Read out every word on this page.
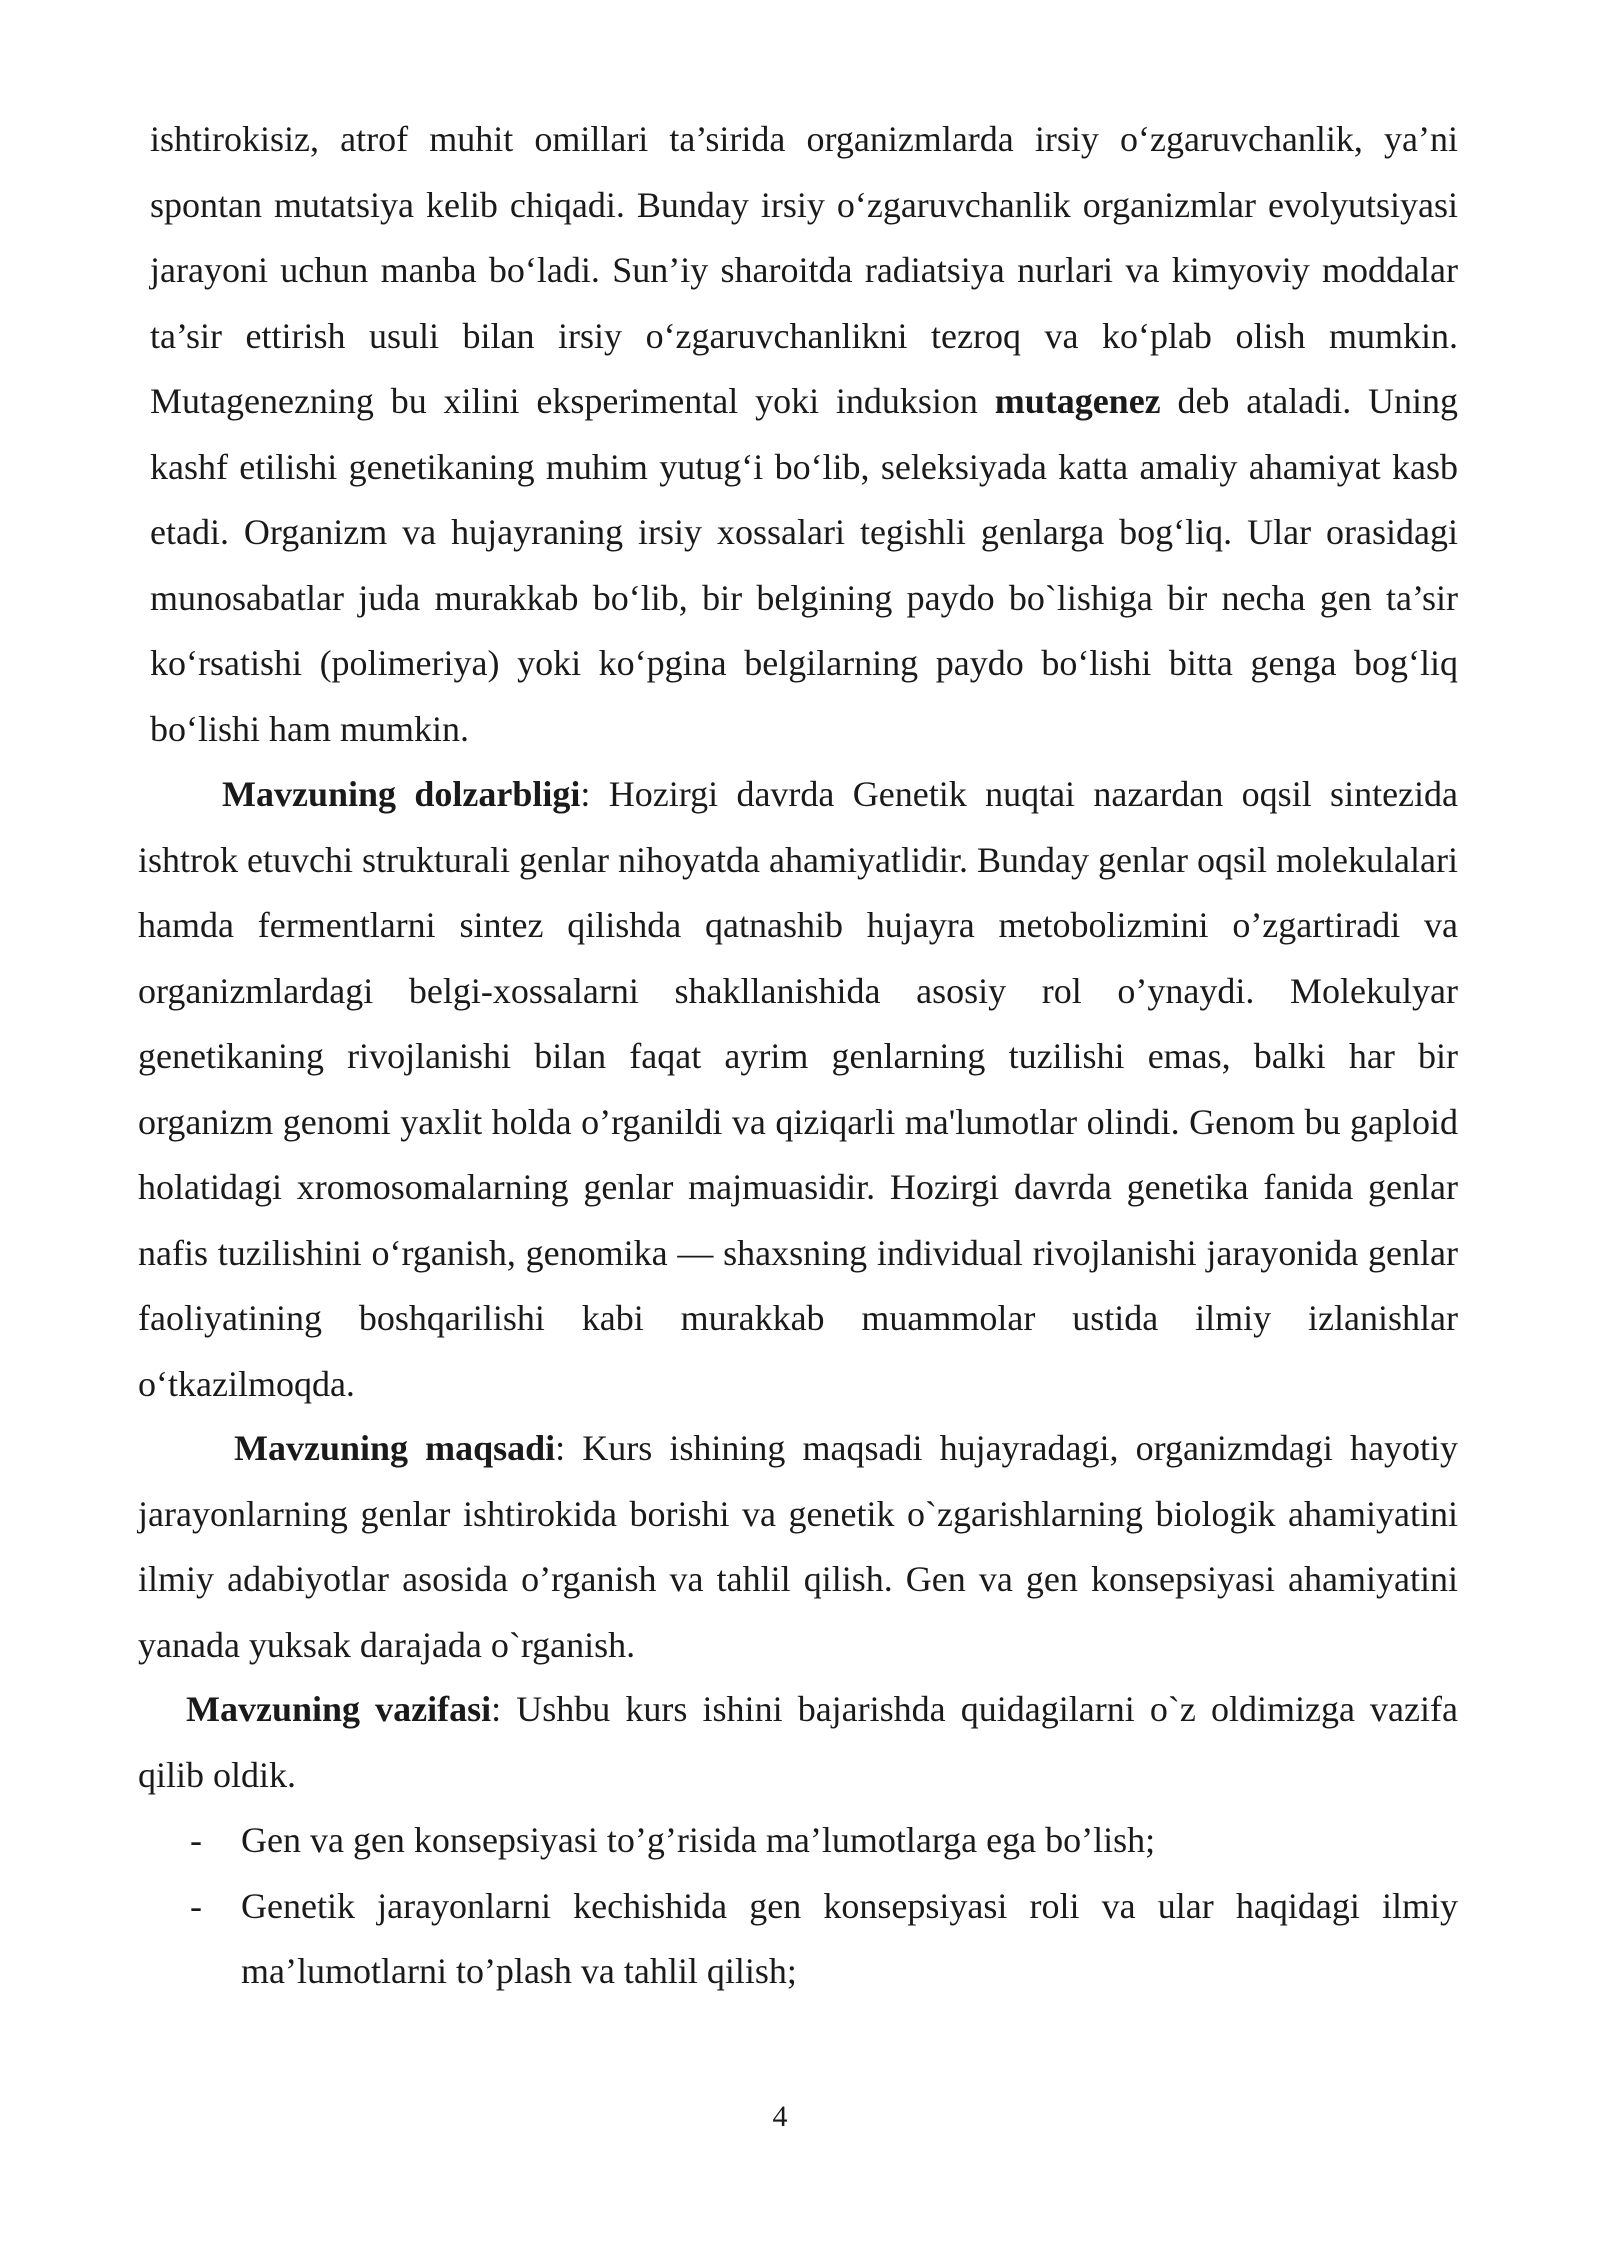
ishtirokisiz, atrof muhit omillari ta’sirida organizmlarda irsiy o‘zgaruvchanlik, ya’ni spontan mutatsiya kelib chiqadi. Bunday irsiy o‘zgaruvchanlik organizmlar evolyutsiyasi jarayoni uchun manba bo‘ladi. Sun’iy sharoitda radiatsiya nurlari va kimyoviy moddalar ta’sir ettirish usuli bilan irsiy o‘zgaruvchanlikni tezroq va ko‘plab olish mumkin. Mutagenezning bu xilini eksperimental yoki induksion mutagenez deb ataladi. Uning kashf etilishi genetikaning muhim yutug‘i bo‘lib, seleksiyada katta amaliy ahamiyat kasb etadi. Organizm va hujayraning irsiy xossalari tegishli genlarga bog‘liq. Ular orasidagi munosabatlar juda murakkab bo‘lib, bir belgining paydo bo`lishiga bir necha gen ta’sir ko‘rsatishi (polimeriya) yoki ko‘pgina belgilarning paydo bo‘lishi bitta genga bog‘liq bo‘lishi ham mumkin.

Mavzuning dolzarbligi: Hozirgi davrda Genetik nuqtai nazardan oqsil sintezida ishtrok etuvchi strukturali genlar nihoyatda ahamiyatlidir. Bunday genlar oqsil molekulalari hamda fermentlarni sintez qilishda qatnashib hujayra metobolizmini o’zgartiradi va organizmlardagi belgi-xossalarni shakllanishida asosiy rol o’ynaydi. Molekulyar genetikaning rivojlanishi bilan faqat ayrim genlarning tuzilishi emas, balki har bir organizm genomi yaxlit holda o’rganildi va qiziqarli ma'lumotlar olindi. Genom bu gaploid holatidagi xromosomalarning genlar majmuasidir. Hozirgi davrda genetika fanida genlar nafis tuzilishini o‘rganish, genomika — shaxsning individual rivojlanishi jarayonida genlar faoliyatining boshqarilishi kabi murakkab muammolar ustida ilmiy izlanishlar o‘tkazilmoqda.

Mavzuning maqsadi: Kurs ishining maqsadi hujayradagi, organizmdagi hayotiy jarayonlarning genlar ishtirokida borishi va genetik o`zgarishlarning biologik ahamiyatini ilmiy adabiyotlar asosida o’rganish va tahlil qilish. Gen va gen konsepsiyasi ahamiyatini yanada yuksak darajada o`rganish.

Mavzuning vazifasi: Ushbu kurs ishini bajarishda quidagilarni o`z oldimizga vazifa qilib oldik.

- Gen va gen konsepsiyasi to’g’risida ma’lumotlarga ega bo’lish;
- Genetik jarayonlarni kechishida gen konsepsiyasi roli va ular haqidagi ilmiy ma’lumotlarni to’plash va tahlil qilish;
4
